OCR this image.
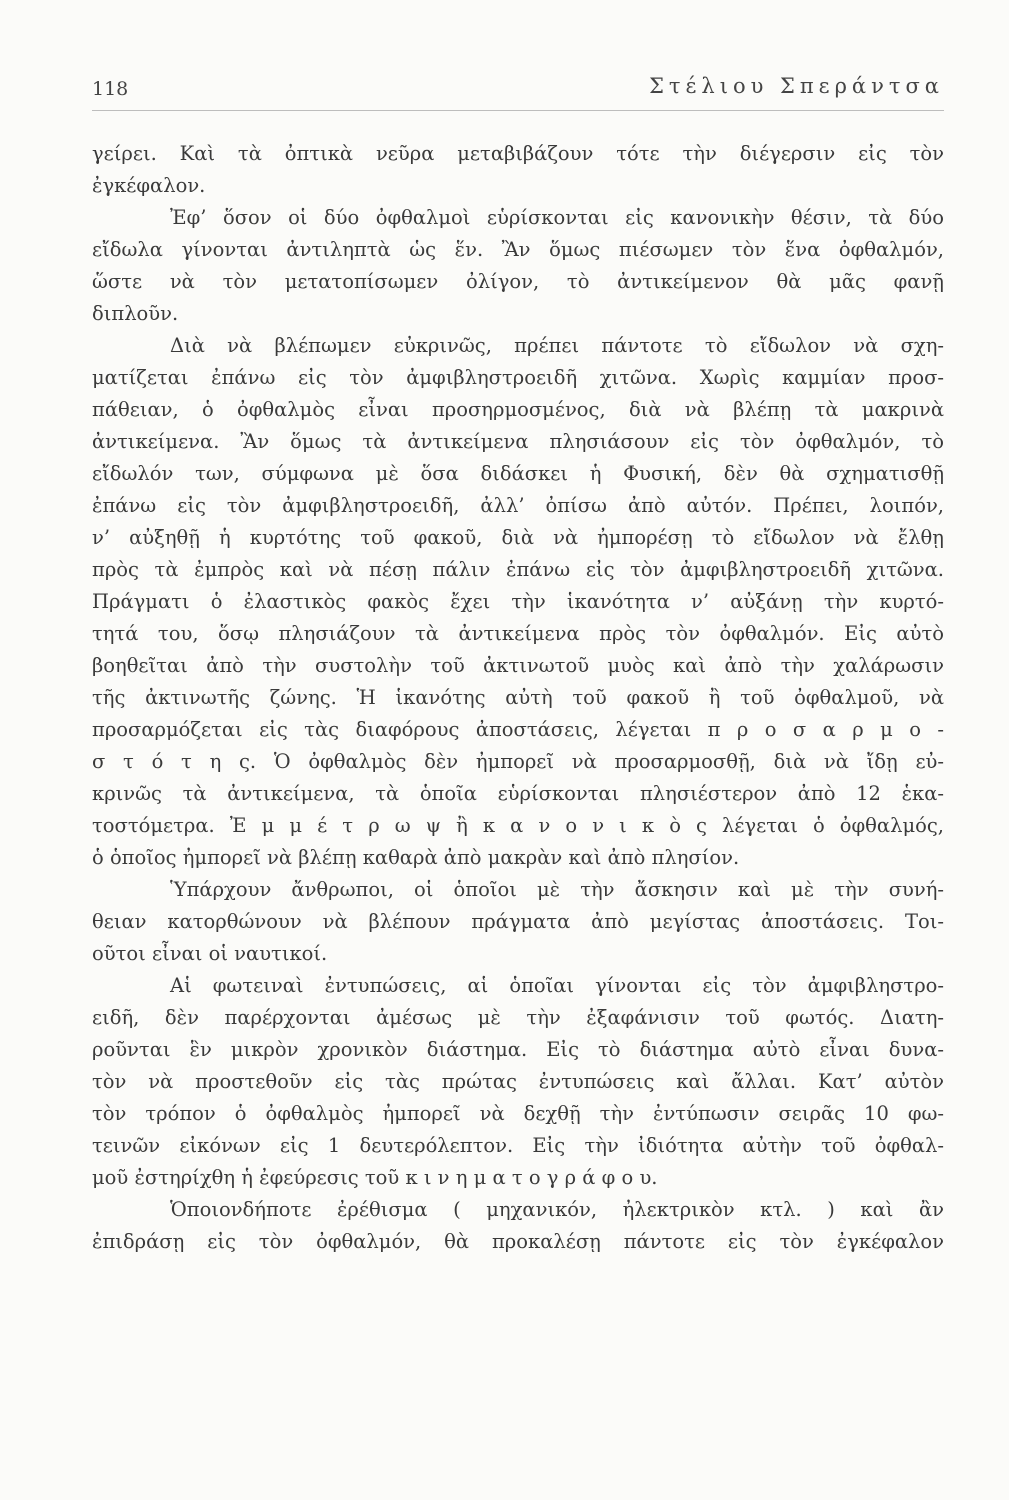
118	Στέλιου Σπεράντσα
γείρει. Καὶ τὰ ὀπτικὰ νεῦρα μεταβιβάζουν τότε τὴν διέγερσιν εἰς τὸν
ἐγκέφαλον.
Ἐφ’ ὅσον οἱ δύο ὀφθαλμοὶ εὑρίσκονται εἰς κανονικὴν θέσιν, τὰ δύο
εἴδωλα γίνονται ἀντιληπτὰ ὡς ἕν. Ἂν ὅμως πιέσωμεν τὸν ἕνα ὀφθαλμόν,
ὥστε νὰ τὸν μετατοπίσωμεν ὀλίγον, τὸ ἀντικείμενον θὰ μᾶς φανῇ
διπλοῦν.
Διὰ νὰ βλέπωμεν εὐκρινῶς, πρέπει πάντοτε τὸ εἴδωλον νὰ σχη-
ματίζεται ἐπάνω εἰς τὸν ἀμφιβληστροειδῆ χιτῶνα. Χωρὶς καμμίαν προσ-
πάθειαν, ὁ ὀφθαλμὸς εἶναι προσηρμοσμένος, διὰ νὰ βλέπῃ τὰ μακρινὰ
ἀντικείμενα. Ἂν ὅμως τὰ ἀντικείμενα πλησιάσουν εἰς τὸν ὀφθαλμόν, τὸ
εἴδωλόν των, σύμφωνα μὲ ὅσα διδάσκει ἡ Φυσική, δὲν θὰ σχηματισθῇ
ἐπάνω εἰς τὸν ἀμφιβληστροειδῆ, ἀλλ’ ὀπίσω ἀπὸ αὐτόν. Πρέπει, λοιπόν,
ν’ αὐξηθῇ ἡ κυρτότης τοῦ φακοῦ, διὰ νὰ ἠμπορέσῃ τὸ εἴδωλον νὰ ἔλθῃ
πρὸς τὰ ἐμπρὸς καὶ νὰ πέσῃ πάλιν ἐπάνω εἰς τὸν ἀμφιβληστροειδῆ χιτῶνα.
Πράγματι ὁ ἐλαστικὸς φακὸς ἔχει τὴν ἱκανότητα ν’ αὐξάνῃ τὴν κυρτό-
τητά του, ὅσῳ πλησιάζουν τὰ ἀντικείμενα πρὸς τὸν ὀφθαλμόν. Εἰς αὐτὸ
βοηθεῖται ἀπὸ τὴν συστολὴν τοῦ ἀκτινωτοῦ μυὸς καὶ ἀπὸ τὴν χαλάρωσιν
τῆς ἀκτινωτῆς ζώνης. Ἡ ἱκανότης αὐτὴ τοῦ φακοῦ ἢ τοῦ ὀφθαλμοῦ, νὰ
προσαρμόζεται εἰς τὰς διαφόρους ἀποστάσεις, λέγεται π ρ ο σ α ρ μ ο -
σ τ ό τ η ς. Ὁ ὀφθαλμὸς δὲν ἠμπορεῖ νὰ προσαρμοσθῇ, διὰ νὰ ἴδῃ εὐ-
κρινῶς τὰ ἀντικείμενα, τὰ ὁποῖα εὑρίσκονται πλησιέστερον ἀπὸ 12 ἑκα-
τοστόμετρα. Ἐ μ μ έ τ ρ ω ψ ἢ κ α ν ο ν ι κ ὸ ς λέγεται ὁ ὀφθαλμός,
ὁ ὁποῖος ἠμπορεῖ νὰ βλέπῃ καθαρὰ ἀπὸ μακρὰν καὶ ἀπὸ πλησίον.
Ὑπάρχουν ἄνθρωποι, οἱ ὁποῖοι μὲ τὴν ἄσκησιν καὶ μὲ τὴν συνή-
θειαν κατορθώνουν νὰ βλέπουν πράγματα ἀπὸ μεγίστας ἀποστάσεις. Τοι-
οῦτοι εἶναι οἱ ναυτικοί.
Αἱ φωτειναὶ ἐντυπώσεις, αἱ ὁποῖαι γίνονται εἰς τὸν ἀμφιβληστρο-
ειδῆ, δὲν παρέρχονται ἀμέσως μὲ τὴν ἐξαφάνισιν τοῦ φωτός. Διατη-
ροῦνται ἓν μικρὸν χρονικὸν διάστημα. Εἰς τὸ διάστημα αὐτὸ εἶναι δυνα-
τὸν νὰ προστεθοῦν εἰς τὰς πρώτας ἐντυπώσεις καὶ ἄλλαι. Κατ’ αὐτὸν
τὸν τρόπον ὁ ὀφθαλμὸς ἠμπορεῖ νὰ δεχθῇ τὴν ἐντύπωσιν σειρᾶς 10 φω-
τεινῶν εἰκόνων εἰς 1 δευτερόλεπτον. Εἰς τὴν ἰδιότητα αὐτὴν τοῦ ὀφθαλ-
μοῦ ἐστηρίχθη ἡ ἐφεύρεσις τοῦ κ ι ν η μ α τ ο γ ρ ά φ ο υ.
Ὁποιονδήποτε ἐρέθισμα ( μηχανικόν, ἠλεκτρικὸν κτλ. ) καὶ ἂν
ἐπιδράσῃ εἰς τὸν ὀφθαλμόν, θὰ προκαλέσῃ πάντοτε εἰς τὸν ἐγκέφαλον
